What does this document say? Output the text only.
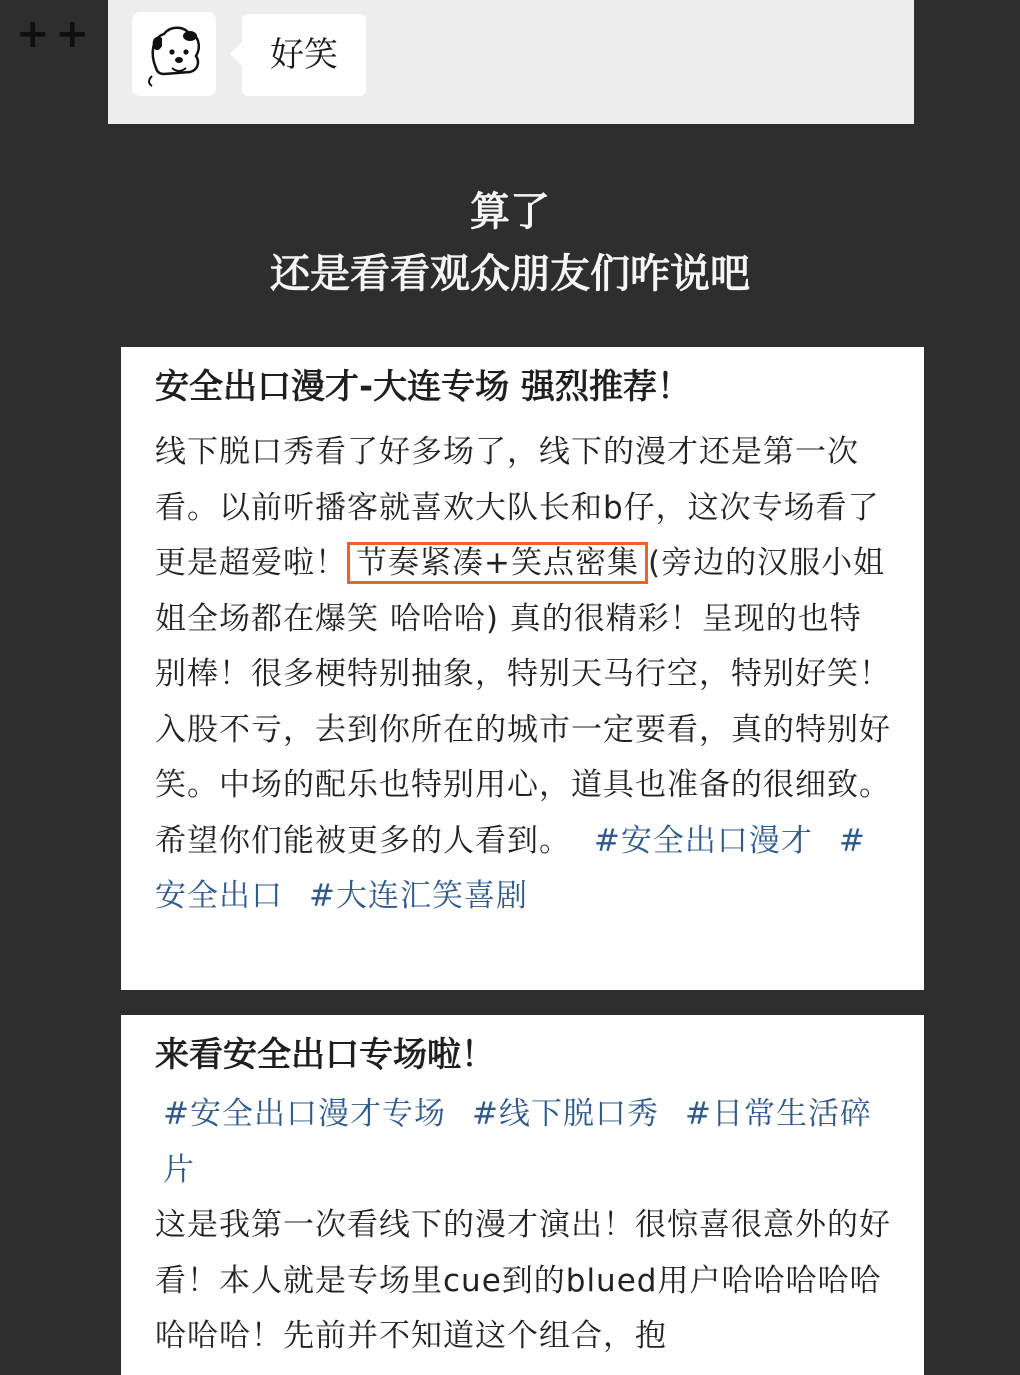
++	好笑
算了
还是看看观众朋友们咋说吧
安全出口漫才-大连专场 强烈推荐！
线下脱口秀看了好多场了，线下的漫才还是第一次看。以前听播客就喜欢大队长和b仔，这次专场看了更是超爱啦！ 节奏紧凑+笑点密集 (旁边的汉服小姐姐全场都在爆笑 哈哈哈) 真的很精彩！呈现的也特别棒！很多梗特别抽象，特别天马行空，特别好笑！入股不亏，去到你所在的城市一定要看，真的特别好笑。中场的配乐也特别用心，道具也准备的很细致。希望你们能被更多的人看到。 #安全出口漫才 #安全出口 #大连汇笑喜剧
来看安全出口专场啦！
#安全出口漫才专场 #线下脱口秀 #日常生活碎片
这是我第一次看线下的漫才演出！很惊喜很意外的好看！本人就是专场里cue到的blued用户哈哈哈哈哈哈哈哈！先前并不知道这个组合，抱
